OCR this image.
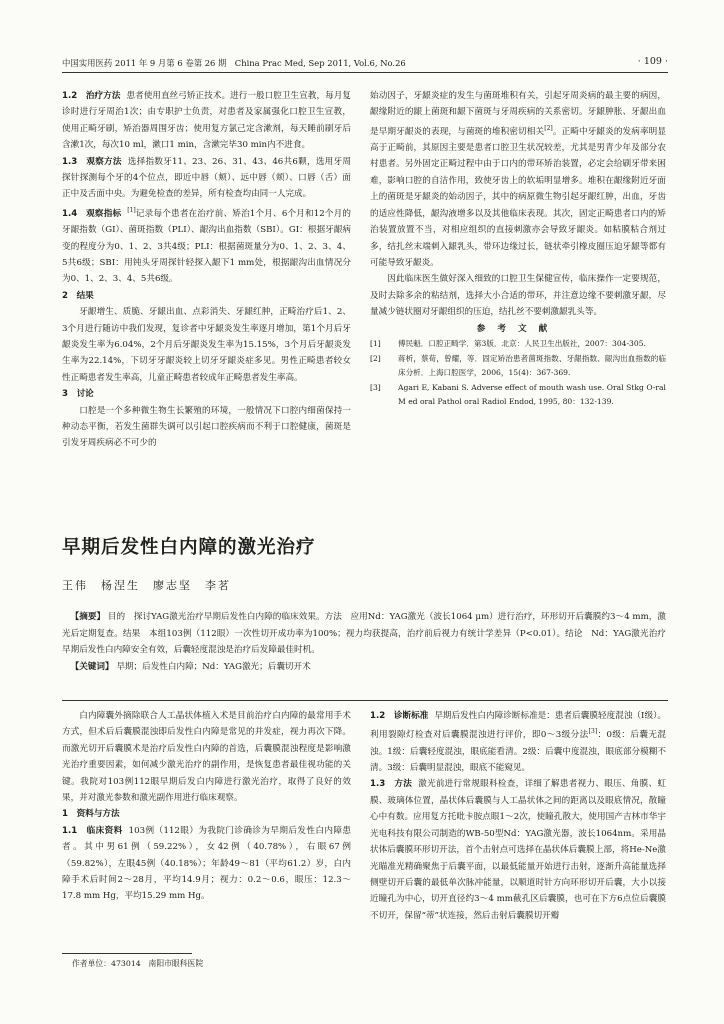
中国实用医药 2011 年 9 月第 6 卷第 26 期　China Prac Med, Sep 2011, Vol.6, No.26	· 109 ·

1.2　治疗方法 患者使用直丝弓矫正技术。进行一般口腔卫生宣教，每月复诊时进行牙周治1次；由专职护士负责，对患者及家属强化口腔卫生宣教，使用正畸牙刷，矫治器周围牙齿；使用复方氯己定含漱剂，每天睡前刷牙后含漱1次，每次10 ml，漱口1 min，含漱完毕30 min内不进食。

1.3　观察方法 选择指数牙11、23、26、31、43、46共6颗，选用牙周探针探测每个牙的4个位点，即近中唇（颊）、远中唇（颊）、口唇（舌）面正中及舌面中央。为避免检查的差异，所有检查均由同一人完成。

1.4　观察指标 [1]记录每个患者在治疗前、矫治1个月、6个月和12个月的牙龈指数（GI）、菌斑指数（PLI）、龈沟出血指数（SBI）。GI：根据牙龈病变的程度分为0、1、2、3共4级；PLI：根据菌斑量分为0、1、2、3、4、5共6级；SBI：用钝头牙周探针轻探入龈下1 mm处，根据龈沟出血情况分为0、1、2、3、4、5共6级。

2　结果

牙龈增生、质脆、牙龈出血、点彩消失、牙龈红肿，正畸治疗后1、2、3个月进行随访中我们发现，复诊者中牙龈炎发生率逐月增加，第1个月后牙龈炎发生率为6.04%，2个月后牙龈炎发生率为15.15%，3个月后牙龈炎发生率为22.14%，下切牙牙龈炎较上切牙牙龈炎症多见。男性正畸患者较女性正畸患者发生率高，儿童正畸患者较成年正畸患者发生率高。

3　讨论

口腔是一个多种微生物生长繁殖的环境，一般情况下口腔内细菌保持一种动态平衡，若发生菌群失调可以引起口腔疾病而不利于口腔健康，菌斑是引发牙周疾病必不可少的

始动因子，牙龈炎症的发生与菌斑堆积有关，引起牙周炎病的最主要的病因，龈缘附近的龈上菌斑和龈下菌斑与牙周疾病的关系密切。牙龈肿胀、牙龈出血是早期牙龈炎的表现，与菌斑的堆积密切相关[2]。正畸中牙龈炎的发病率明显高于正畸前，其原因主要是患者口腔卫生状况较差，尤其是男青少年及部分农村患者。另外固定正畸过程中由于口内的带环矫治装置，必定会给刷牙带来困难，影响口腔的自洁作用，致使牙齿上的软垢明显增多。堆积在龈缘附近牙面上的菌斑是牙龈炎的始动因子，其中的病原微生物引起牙龈红肿，出血，牙齿的适应性降低，龈沟液增多以及其他临床表现。其次，固定正畸患者口内的矫治装置放置不当，对相应组织的直接刺激亦会导致牙龈炎。如粘膜粘合剂过多，结扎丝末端刺入龈乳头，带环边缘过长，链状牵引橡皮圈压迫牙龈等都有可能导致牙龈炎。

因此临床医生做好深入细致的口腔卫生保健宣传，临床操作一定要规范，及时去除多余的粘结剂，选择大小合适的带环，并注意边缘不要刺激牙龈，尽量减少链状圈对牙龈组织的压迫，结扎丝不要刺激龈乳头等。

参考文献

[1]	傅民魁．口腔正畸学．第3版．北京：人民卫生出版社，2007：304-305.
[2]	蒋析，蔡荀，曾耀，等．固定矫治患者菌斑指数、牙龈指数、龈沟出血指数的临床分析．上海口腔医学，2006，15(4)：367-369.
[3]	Agari E, Kabani S. Adverse effect of mouth wash use. Oral Stkg O-ral M ed oral Pathol oral Radiol Endod, 1995, 80：132-139.
早期后发性白内障的激光治疗
王伟　杨涅生　廖志坚　李茗

【摘要】 目的　探讨YAG激光治疗早期后发性白内障的临床效果。方法　应用Nd：YAG激光（波长1064 μm）进行治疗，环形切开后囊膜约3～4 mm，激光后定期复查。结果　本组103例（112眼）一次性切开成功率为100%；视力均获提高，治疗前后视力有统计学差异（P<0.01）。结论　Nd：YAG激光治疗早期后发性白内障安全有效，后囊轻度混浊是治疗后发障最佳时机。

【关键词】 早期；后发性白内障；Nd：YAG激光；后囊切开术

白内障囊外摘除联合人工晶状体植入术是目前治疗白内障的最常用手术方式，但术后后囊膜混浊即后发性白内障是常见的并发症，视力再次下降。而激光切开后囊膜术是治疗后发性白内障的首选，后囊膜混浊程度是影响激光治疗重要因素，如何减少激光治疗的副作用，是恢复患者最佳视功能的关键。我院对103例112眼早期后发白内障进行激光治疗，取得了良好的效果，并对激光参数和激光副作用进行临床观察。

1　资料与方法

1.1　临床资料 103例（112眼）为我院门诊确诊为早期后发性白内障患者。其中男61例（59.22%），女42例（40.78%），右眼67例（59.82%），左眼45例（40.18%）；年龄49～81（平均61.2）岁，白内障手术后时间2～28月，平均14.9月；视力：0.2～0.6，眼压：12.3～17.8 mm Hg，平均15.29 mm Hg。

1.2　诊断标准 早期后发性白内障诊断标准是：患者后囊膜轻度混浊（Ⅰ级）。利用裂隙灯检查对后囊膜混浊进行评价，即0～3级分法[3]：0级：后囊无混浊。1级：后囊轻度混浊，眼底能看清。2级：后囊中度混浊，眼底部分模糊不清。3级：后囊明显混浊，眼底不能窥见。

1.3　方法 激光前进行常规眼科检查，详细了解患者视力、眼压、角膜、虹膜、玻璃体位置，晶状体后囊膜与人工晶状体之间的距离以及眼底情况，散瞳心中有数。应用复方托吡卡胺点眼1～2次，使瞳孔散大，使用国产吉林市华宇光电科技有限公司制造的WB-50型Nd：YAG激光器，波长1064nm。采用晶状体后囊膜环形切开法，首个击射点可选择在晶状体后囊膜上部，将He-Ne激光瞄准光精确聚焦于后囊平面，以最低能量开始进行击射，逐渐升高能量选择侧壁切开后囊的最低单次脉冲能量，以顺道时针方向环形切开后囊，大小以接近瞳孔为中心，切开直径约3～4 mm截孔区后囊膜，也可在下方6点位后囊膜不切开，保留“蒂”状连接，然后击射后囊膜切开瓣

作者单位：473014　南阳市眼科医院
